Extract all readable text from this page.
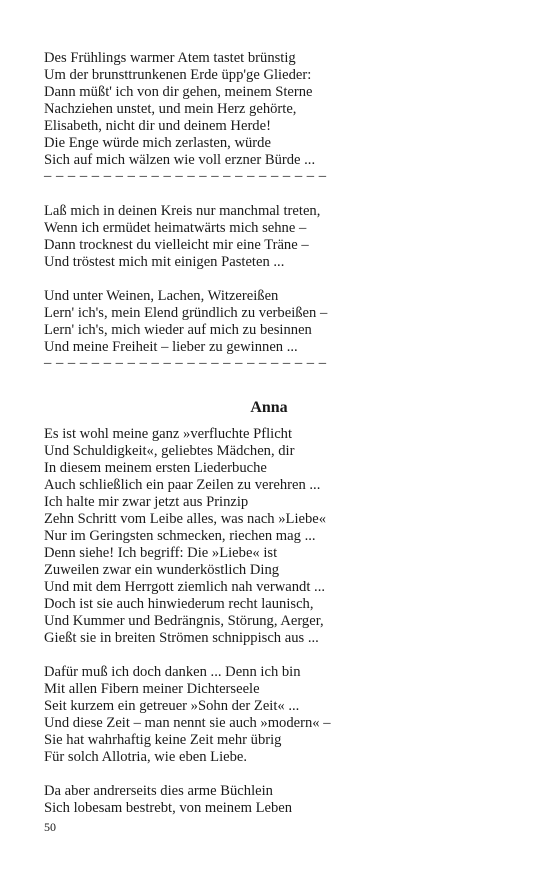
Des Frühlings warmer Atem tastet brünstig
Um der brunsttrunkenen Erde üpp'ge Glieder:
Dann müßt' ich von dir gehen, meinem Sterne
Nachziehen unstet, und mein Herz gehörte,
Elisabeth, nicht dir und deinem Herde!
Die Enge würde mich zerlasten, würde
Sich auf mich wälzen wie voll erzner Bürde ...
– – – – – – – – – – – – – – – – – – – – – – – –
Laß mich in deinen Kreis nur manchmal treten,
Wenn ich ermüdet heimatwärts mich sehne –
Dann trocknest du vielleicht mir eine Träne –
Und tröstest mich mit einigen Pasteten ...
Und unter Weinen, Lachen, Witzereißen
Lern' ich's, mein Elend gründlich zu verbeißen –
Lern' ich's, mich wieder auf mich zu besinnen
Und meine Freiheit – lieber zu gewinnen ...
– – – – – – – – – – – – – – – – – – – – – – – –
Anna
Es ist wohl meine ganz »verfluchte Pflicht
Und Schuldigkeit«, geliebtes Mädchen, dir
In diesem meinem ersten Liederbuche
Auch schließlich ein paar Zeilen zu verehren ...
Ich halte mir zwar jetzt aus Prinzip
Zehn Schritt vom Leibe alles, was nach »Liebe«
Nur im Geringsten schmecken, riechen mag ...
Denn siehe! Ich begriff: Die »Liebe« ist
Zuweilen zwar ein wunderköstlich Ding
Und mit dem Herrgott ziemlich nah verwandt ...
Doch ist sie auch hinwiederum recht launisch,
Und Kummer und Bedrängnis, Störung, Aerger,
Gießt sie in breiten Strömen schnippisch aus ...
Dafür muß ich doch danken ... Denn ich bin
Mit allen Fibern meiner Dichterseele
Seit kurzem ein getreuer »Sohn der Zeit« ...
Und diese Zeit – man nennt sie auch »modern« –
Sie hat wahrhaftig keine Zeit mehr übrig
Für solch Allotria, wie eben Liebe.
Da aber andrerseits dies arme Büchlein
Sich lobesam bestrebt, von meinem Leben
50
